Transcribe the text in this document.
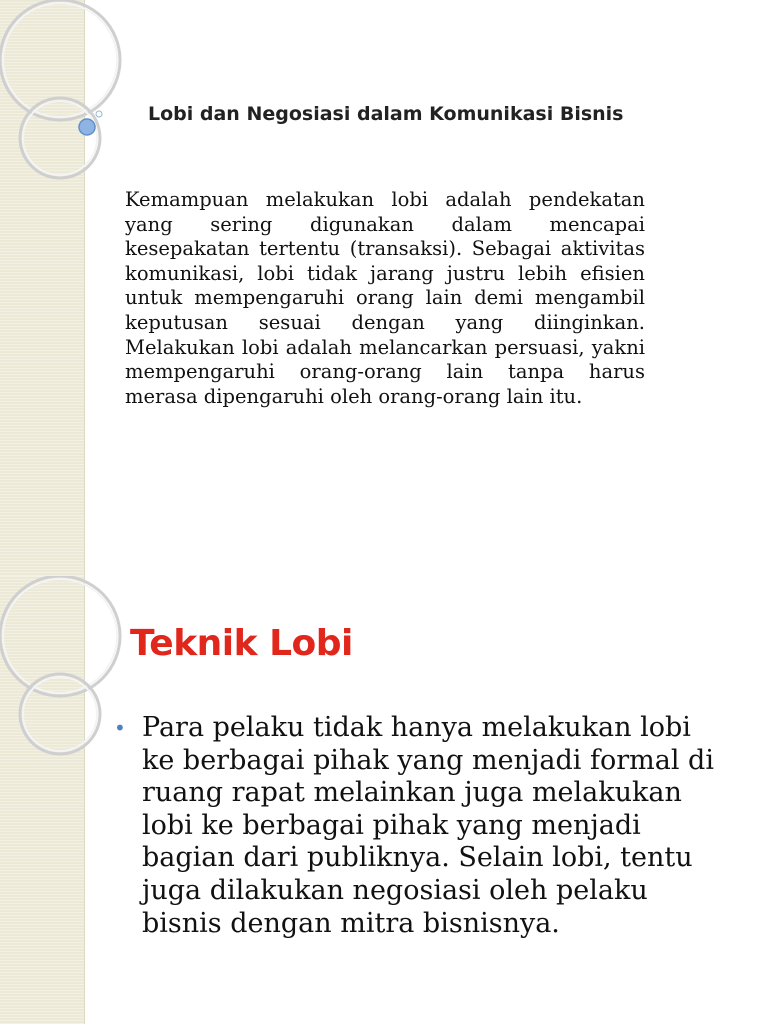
Lobi dan Negosiasi dalam Komunikasi Bisnis

Kemampuan melakukan lobi adalah pendekatan yang sering digunakan dalam mencapai kesepakatan tertentu (transaksi). Sebagai aktivitas komunikasi, lobi tidak jarang justru lebih efisien untuk mempengaruhi orang lain demi mengambil keputusan sesuai dengan yang diinginkan. Melakukan lobi adalah melancarkan persuasi, yakni mempengaruhi orang-orang lain tanpa harus merasa dipengaruhi oleh orang-orang lain itu.

Teknik Lobi
• Para pelaku tidak hanya melakukan lobi ke berbagai pihak yang menjadi formal di ruang rapat melainkan juga melakukan lobi ke berbagai pihak yang menjadi bagian dari publiknya. Selain lobi, tentu juga dilakukan negosiasi oleh pelaku bisnis dengan mitra bisnisnya.
